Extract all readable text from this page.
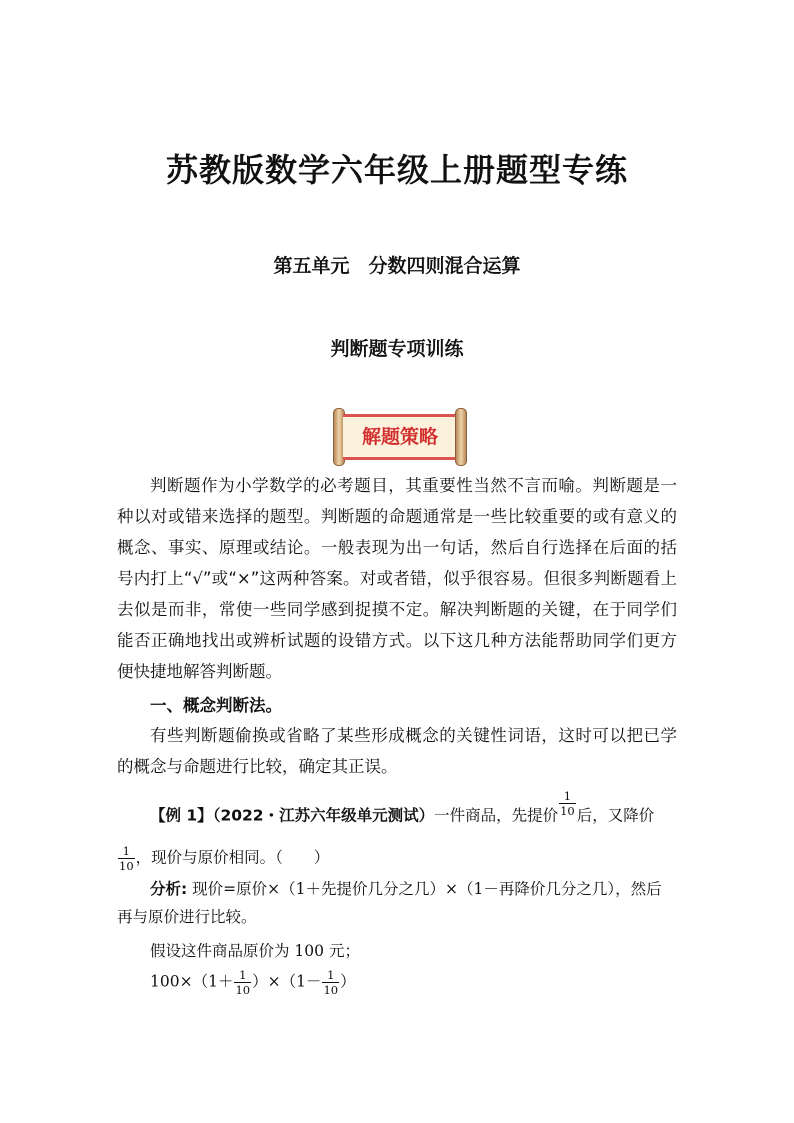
苏教版数学六年级上册题型专练
第五单元　分数四则混合运算
判断题专项训练
解题策略
判断题作为小学数学的必考题目，其重要性当然不言而喻。判断题是一种以对或错来选择的题型。判断题的命题通常是一些比较重要的或有意义的概念、事实、原理或结论。一般表现为出一句话，然后自行选择在后面的括号内打上“√”或“×”这两种答案。对或者错，似乎很容易。但很多判断题看上去似是而非，常使一些同学感到捉摸不定。解决判断题的关键，在于同学们能否正确地找出或辨析试题的设错方式。以下这几种方法能帮助同学们更方便快捷地解答判断题。
一、概念判断法。
有些判断题偷换或省略了某些形成概念的关键性词语，这时可以把已学的概念与命题进行比较，确定其正误。
【例 1】（2022・江苏六年级单元测试）一件商品，先提价 $\frac{1}{10}$ 后，又降价
$\frac{1}{10}$ ，现价与原价相同。（　　）
分析: 现价=原价×（1＋先提价几分之几）×（1－再降价几分之几），然后
再与原价进行比较。
假设这件商品原价为 100 元；
$100\times(1+ \frac{1}{10} )\times(1- \frac{1}{10}$ ）
